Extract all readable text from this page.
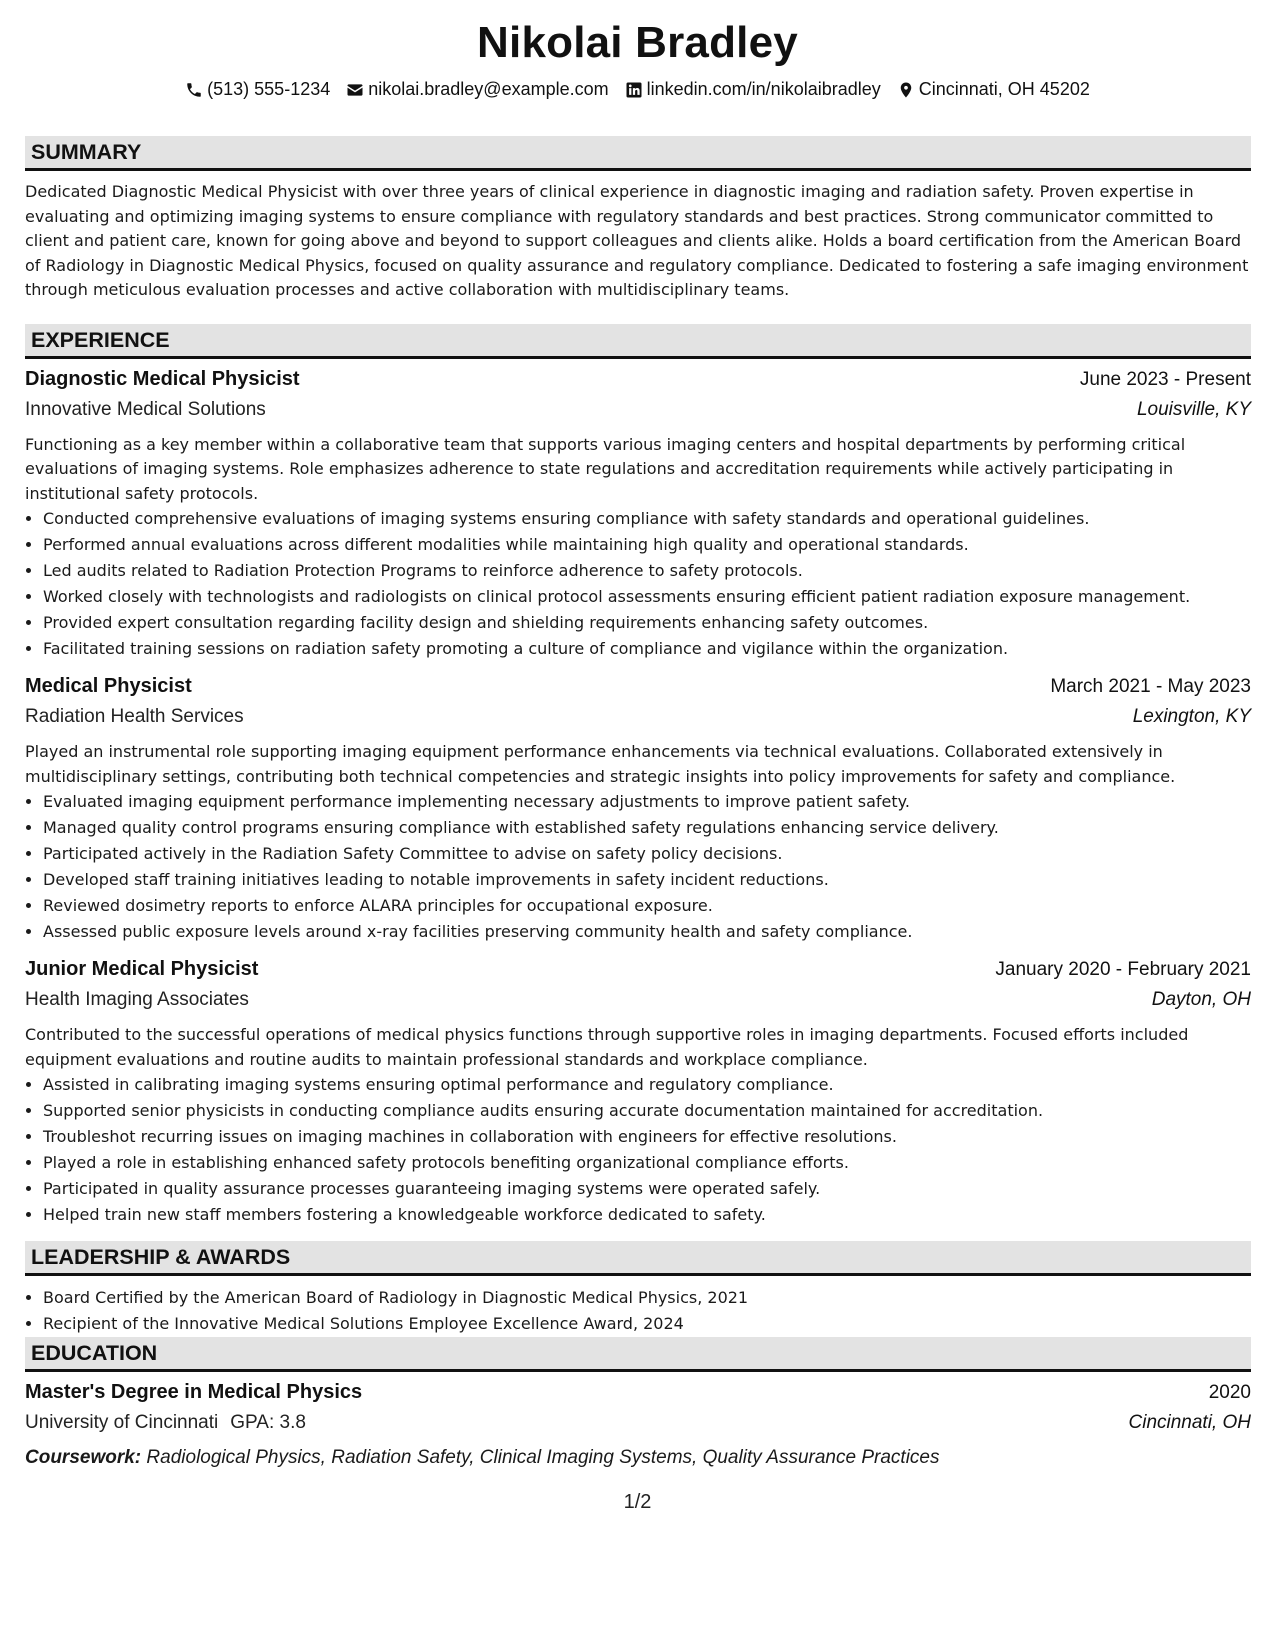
Nikolai Bradley
(513) 555-1234 nikolai.bradley@example.com linkedin.com/in/nikolaibradley Cincinnati, OH 45202
SUMMARY

Dedicated Diagnostic Medical Physicist with over three years of clinical experience in diagnostic imaging and radiation safety. Proven expertise in evaluating and optimizing imaging systems to ensure compliance with regulatory standards and best practices. Strong communicator committed to client and patient care, known for going above and beyond to support colleagues and clients alike. Holds a board certification from the American Board of Radiology in Diagnostic Medical Physics, focused on quality assurance and regulatory compliance. Dedicated to fostering a safe imaging environment through meticulous evaluation processes and active collaboration with multidisciplinary teams.

EXPERIENCE
Diagnostic Medical Physicist	June 2023 - Present
Innovative Medical Solutions	Louisville, KY

Functioning as a key member within a collaborative team that supports various imaging centers and hospital departments by performing critical evaluations of imaging systems. Role emphasizes adherence to state regulations and accreditation requirements while actively participating in institutional safety protocols.

• Conducted comprehensive evaluations of imaging systems ensuring compliance with safety standards and operational guidelines.
• Performed annual evaluations across different modalities while maintaining high quality and operational standards.
• Led audits related to Radiation Protection Programs to reinforce adherence to safety protocols.
• Worked closely with technologists and radiologists on clinical protocol assessments ensuring efficient patient radiation exposure management.
• Provided expert consultation regarding facility design and shielding requirements enhancing safety outcomes.
• Facilitated training sessions on radiation safety promoting a culture of compliance and vigilance within the organization.
Medical Physicist	March 2021 - May 2023
Radiation Health Services	Lexington, KY

Played an instrumental role supporting imaging equipment performance enhancements via technical evaluations. Collaborated extensively in multidisciplinary settings, contributing both technical competencies and strategic insights into policy improvements for safety and compliance.

• Evaluated imaging equipment performance implementing necessary adjustments to improve patient safety.
• Managed quality control programs ensuring compliance with established safety regulations enhancing service delivery.
• Participated actively in the Radiation Safety Committee to advise on safety policy decisions.
• Developed staff training initiatives leading to notable improvements in safety incident reductions.
• Reviewed dosimetry reports to enforce ALARA principles for occupational exposure.
• Assessed public exposure levels around x-ray facilities preserving community health and safety compliance.
Junior Medical Physicist	January 2020 - February 2021
Health Imaging Associates	Dayton, OH

Contributed to the successful operations of medical physics functions through supportive roles in imaging departments. Focused efforts included equipment evaluations and routine audits to maintain professional standards and workplace compliance.

• Assisted in calibrating imaging systems ensuring optimal performance and regulatory compliance.
• Supported senior physicists in conducting compliance audits ensuring accurate documentation maintained for accreditation.
• Troubleshot recurring issues on imaging machines in collaboration with engineers for effective resolutions.
• Played a role in establishing enhanced safety protocols benefiting organizational compliance efforts.
• Participated in quality assurance processes guaranteeing imaging systems were operated safely.
• Helped train new staff members fostering a knowledgeable workforce dedicated to safety.
LEADERSHIP & AWARDS
• Board Certified by the American Board of Radiology in Diagnostic Medical Physics, 2021
• Recipient of the Innovative Medical Solutions Employee Excellence Award, 2024
EDUCATION
Master's Degree in Medical Physics	2020
University of Cincinnati GPA: 3.8	Cincinnati, OH
Coursework: Radiological Physics, Radiation Safety, Clinical Imaging Systems, Quality Assurance Practices
1/2
